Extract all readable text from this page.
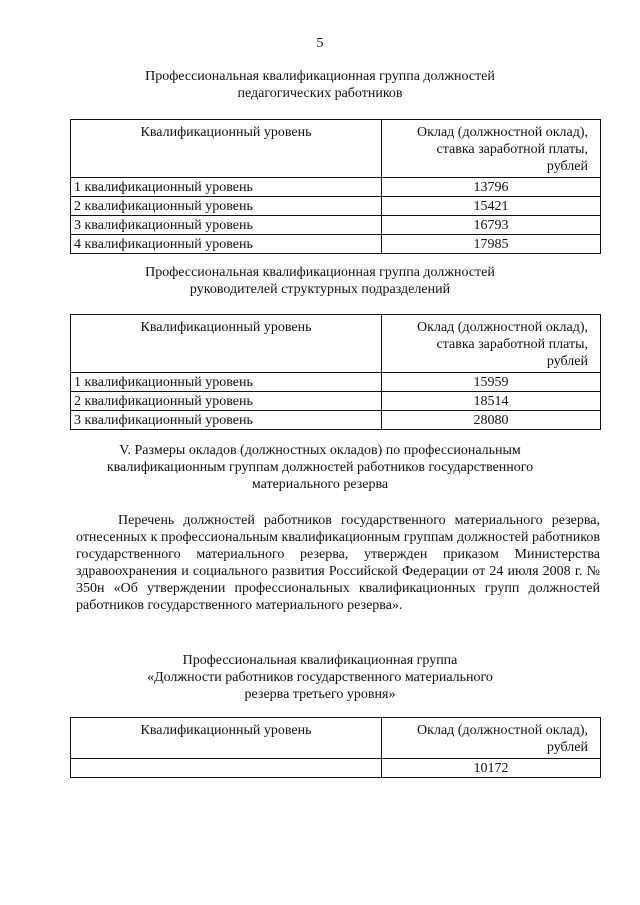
5
Профессиональная квалификационная группа должностей
педагогических работников
Квалификационный уровень	Оклад (должностной оклад),
ставка заработной платы,
рублей

1 квалификационный уровень	13796
2 квалификационный уровень	15421
3 квалификационный уровень	16793
4 квалификационный уровень	17985
Профессиональная квалификационная группа должностей
руководителей структурных подразделений
Квалификационный уровень	Оклад (должностной оклад),
ставка заработной платы,
рублей

1 квалификационный уровень	15959
2 квалификационный уровень	18514
3 квалификационный уровень	28080
V. Размеры окладов (должностных окладов) по профессиональным
квалификационным группам должностей работников государственного
материального резерва
Перечень должностей работников государственного материального резерва, отнесенных к профессиональным квалификационным группам должностей работников государственного материального резерва, утвержден приказом Министерства здравоохранения и социального развития Российской Федерации от 24 июля 2008 г. № 350н «Об утверждении профессиональных квалификационных групп должностей работников государственного материального резерва».
Профессиональная квалификационная группа
«Должности работников государственного материального
резерва третьего уровня»
Квалификационный уровень	Оклад (должностной оклад),
рублей

	10172
